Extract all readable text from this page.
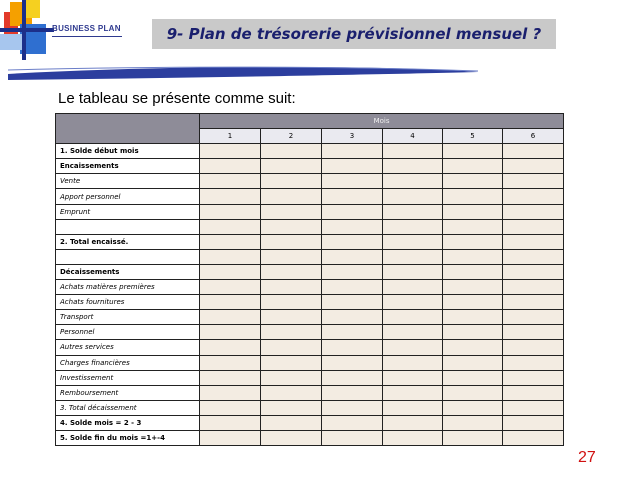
BUSINESS PLAN	9- Plan de trésorerie prévisionnel mensuel ?
Le tableau se présente comme suit:
	Mois					
	1	2	3	4	5	6
1. Solde début mois						
Encaissements						
Vente						
Apport personnel						
Emprunt						

2. Total encaissé.						

Décaissements						
Achats matières premières						
Achats fournitures						
Transport						
Personnel						
Autres services						
Charges financières						
Investissement						
Remboursement						
3. Total décaissement						
4. Solde mois = 2 - 3						
5. Solde fin du mois =1+-4						
27
